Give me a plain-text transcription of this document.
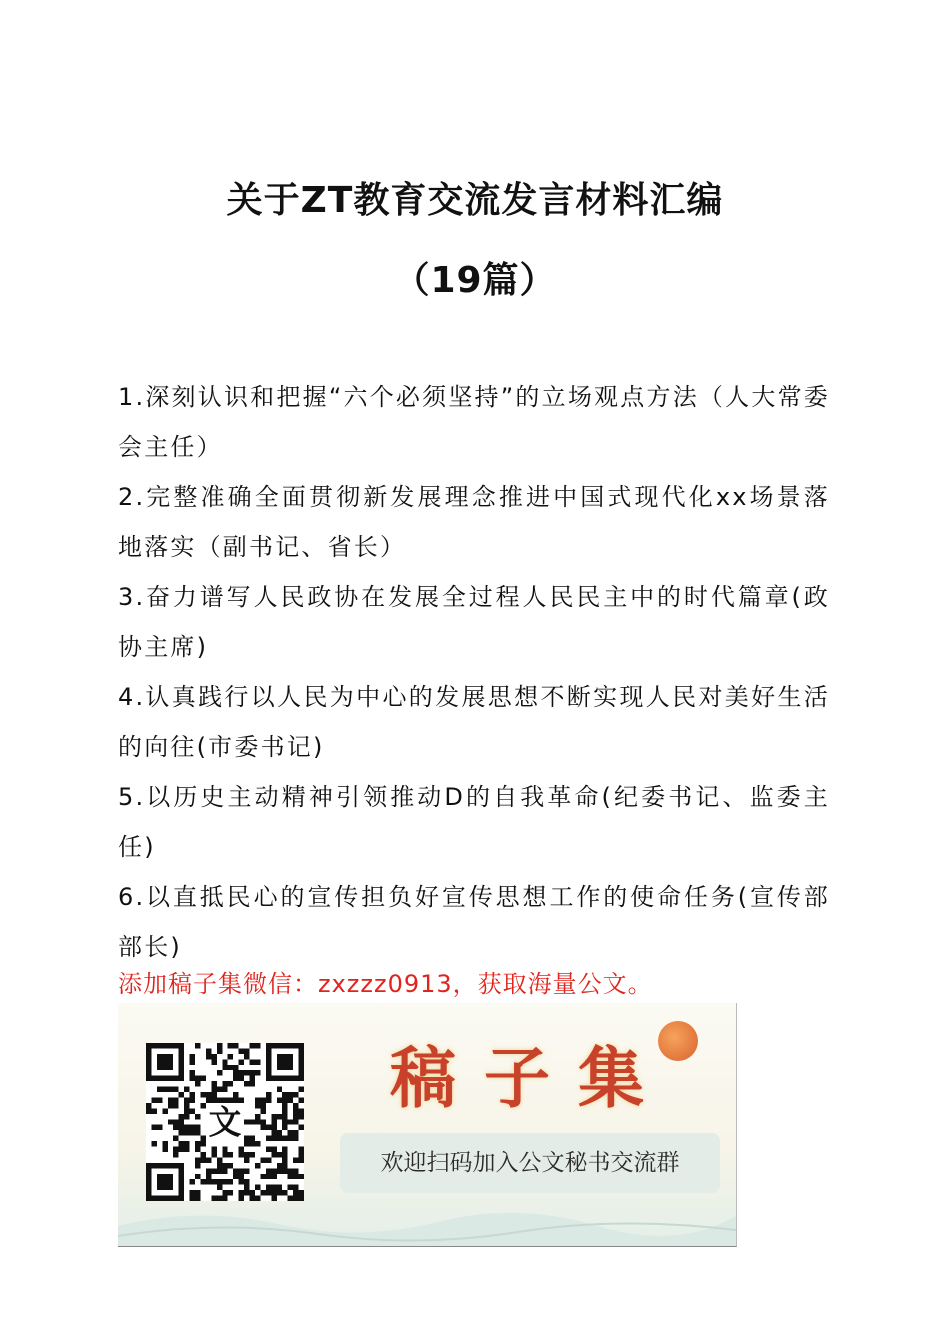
关于ZT教育交流发言材料汇编
（19篇）
1.深刻认识和把握“六个必须坚持”的立场观点方法（人大常委会主任）
2.完整准确全面贯彻新发展理念推进中国式现代化xx场景落地落实（副书记、省长）
3.奋力谱写人民政协在发展全过程人民民主中的时代篇章(政协主席)
4.认真践行以人民为中心的发展思想不断实现人民对美好生活的向往(市委书记)
5.以历史主动精神引领推动D的自我革命(纪委书记、监委主任)
6.以直抵民心的宣传担负好宣传思想工作的使命任务(宣传部部长)
添加稿子集微信：zxzzz0913，获取海量公文。
文
稿子集
欢迎扫码加入公文秘书交流群
